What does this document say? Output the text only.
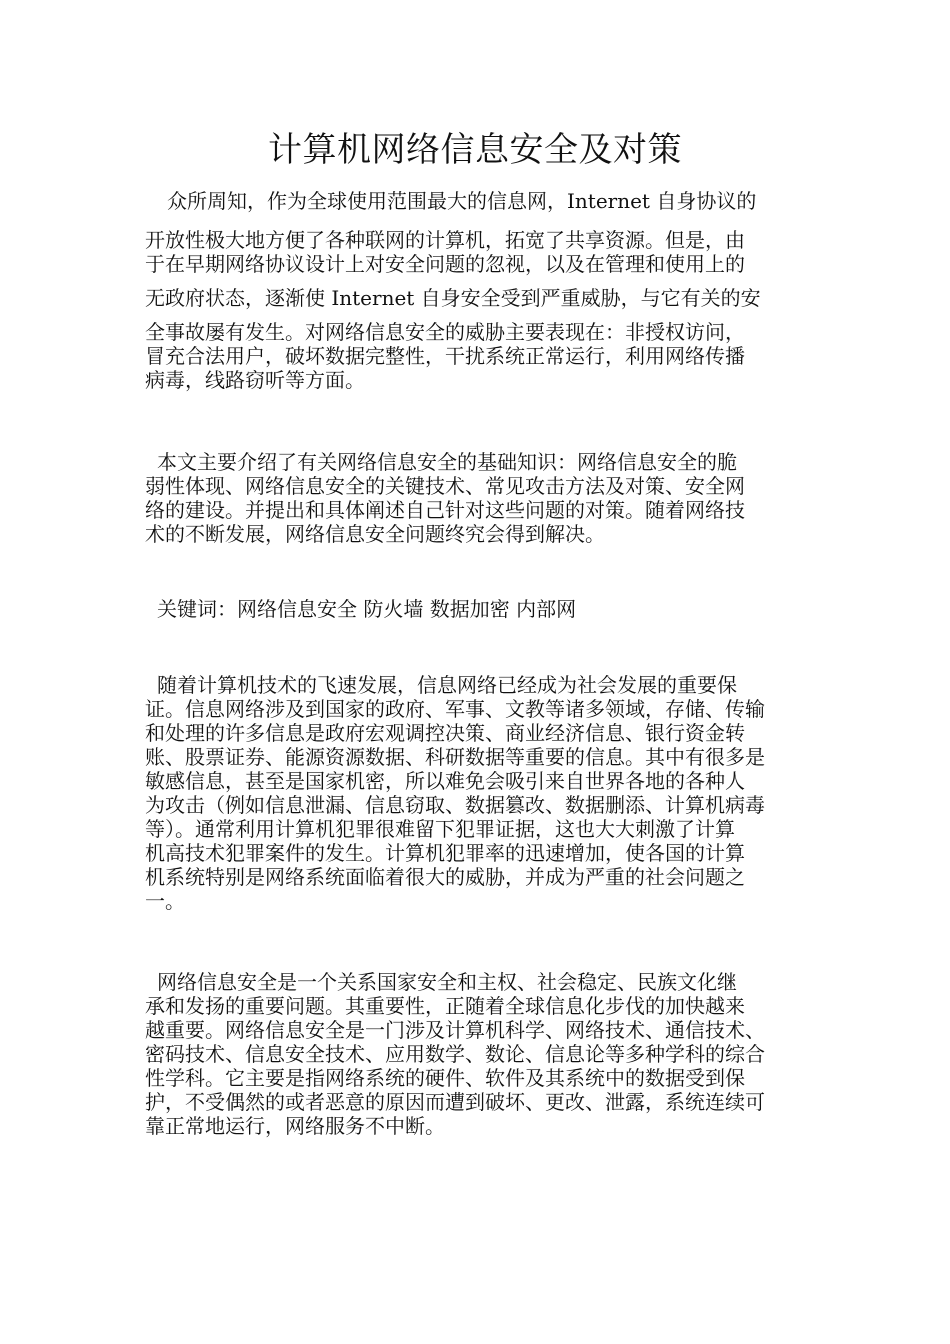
计算机网络信息安全及对策
众所周知，作为全球使用范围最大的信息网，Internet 自身协议的
开放性极大地方便了各种联网的计算机，拓宽了共享资源。但是，由
于在早期网络协议设计上对安全问题的忽视，以及在管理和使用上的
无政府状态，逐渐使 Internet 自身安全受到严重威胁，与它有关的安
全事故屡有发生。对网络信息安全的威胁主要表现在：非授权访问，
冒充合法用户，破坏数据完整性，干扰系统正常运行，利用网络传播
病毒，线路窃听等方面。
本文主要介绍了有关网络信息安全的基础知识：网络信息安全的脆
弱性体现、网络信息安全的关键技术、常见攻击方法及对策、安全网
络的建设。并提出和具体阐述自己针对这些问题的对策。随着网络技
术的不断发展，网络信息安全问题终究会得到解决。
关键词：网络信息安全 防火墙 数据加密 内部网
随着计算机技术的飞速发展，信息网络已经成为社会发展的重要保
证。信息网络涉及到国家的政府、军事、文教等诸多领域，存储、传输
和处理的许多信息是政府宏观调控决策、商业经济信息、银行资金转
账、股票证券、能源资源数据、科研数据等重要的信息。其中有很多是
敏感信息，甚至是国家机密，所以难免会吸引来自世界各地的各种人
为攻击（例如信息泄漏、信息窃取、数据篡改、数据删添、计算机病毒
等）。通常利用计算机犯罪很难留下犯罪证据，这也大大刺激了计算
机高技术犯罪案件的发生。计算机犯罪率的迅速增加，使各国的计算
机系统特别是网络系统面临着很大的威胁，并成为严重的社会问题之
一。
网络信息安全是一个关系国家安全和主权、社会稳定、民族文化继
承和发扬的重要问题。其重要性，正随着全球信息化步伐的加快越来
越重要。网络信息安全是一门涉及计算机科学、网络技术、通信技术、
密码技术、信息安全技术、应用数学、数论、信息论等多种学科的综合
性学科。它主要是指网络系统的硬件、软件及其系统中的数据受到保
护，不受偶然的或者恶意的原因而遭到破坏、更改、泄露，系统连续可
靠正常地运行，网络服务不中断。
